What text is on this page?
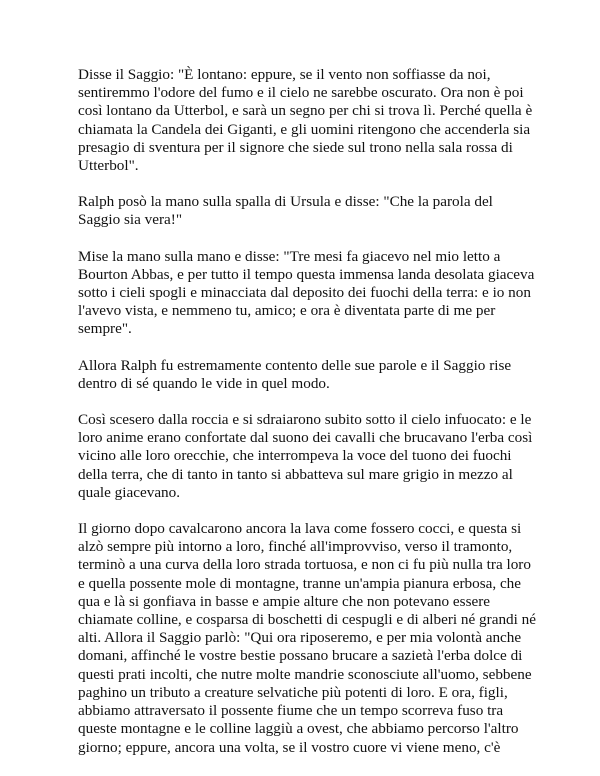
Disse il Saggio: "È lontano: eppure, se il vento non soffiasse da noi, sentiremmo l'odore del fumo e il cielo ne sarebbe oscurato. Ora non è poi così lontano da Utterbol, e sarà un segno per chi si trova lì. Perché quella è chiamata la Candela dei Giganti, e gli uomini ritengono che accenderla sia presagio di sventura per il signore che siede sul trono nella sala rossa di Utterbol".

Ralph posò la mano sulla spalla di Ursula e disse: "Che la parola del Saggio sia vera!"

Mise la mano sulla mano e disse: "Tre mesi fa giacevo nel mio letto a Bourton Abbas, e per tutto il tempo questa immensa landa desolata giaceva sotto i cieli spogli e minacciata dal deposito dei fuochi della terra: e io non l'avevo vista, e nemmeno tu, amico; e ora è diventata parte di me per sempre".

Allora Ralph fu estremamente contento delle sue parole e il Saggio rise dentro di sé quando le vide in quel modo.

Così scesero dalla roccia e si sdraiarono subito sotto il cielo infuocato: e le loro anime erano confortate dal suono dei cavalli che brucavano l'erba così vicino alle loro orecchie, che interrompeva la voce del tuono dei fuochi della terra, che di tanto in tanto si abbatteva sul mare grigio in mezzo al quale giacevano.

Il giorno dopo cavalcarono ancora la lava come fossero cocci, e questa si alzò sempre più intorno a loro, finché all'improvviso, verso il tramonto, terminò a una curva della loro strada tortuosa, e non ci fu più nulla tra loro e quella possente mole di montagne, tranne un'ampia pianura erbosa, che qua e là si gonfiava in basse e ampie alture che non potevano essere chiamate colline, e cosparsa di boschetti di cespugli e di alberi né grandi né alti. Allora il Saggio parlò: "Qui ora riposeremo, e per mia volontà anche domani, affinché le vostre bestie possano brucare a sazietà l'erba dolce di questi prati incolti, che nutre molte mandrie sconosciute all'uomo, sebbene paghino un tributo a creature selvatiche più potenti di loro. E ora, figli, abbiamo attraversato il possente fiume che un tempo scorreva fuso tra queste montagne e le colline laggiù a ovest, che abbiamo percorso l'altro giorno; eppure, ancora una volta, se il vostro cuore vi viene meno, c'è
